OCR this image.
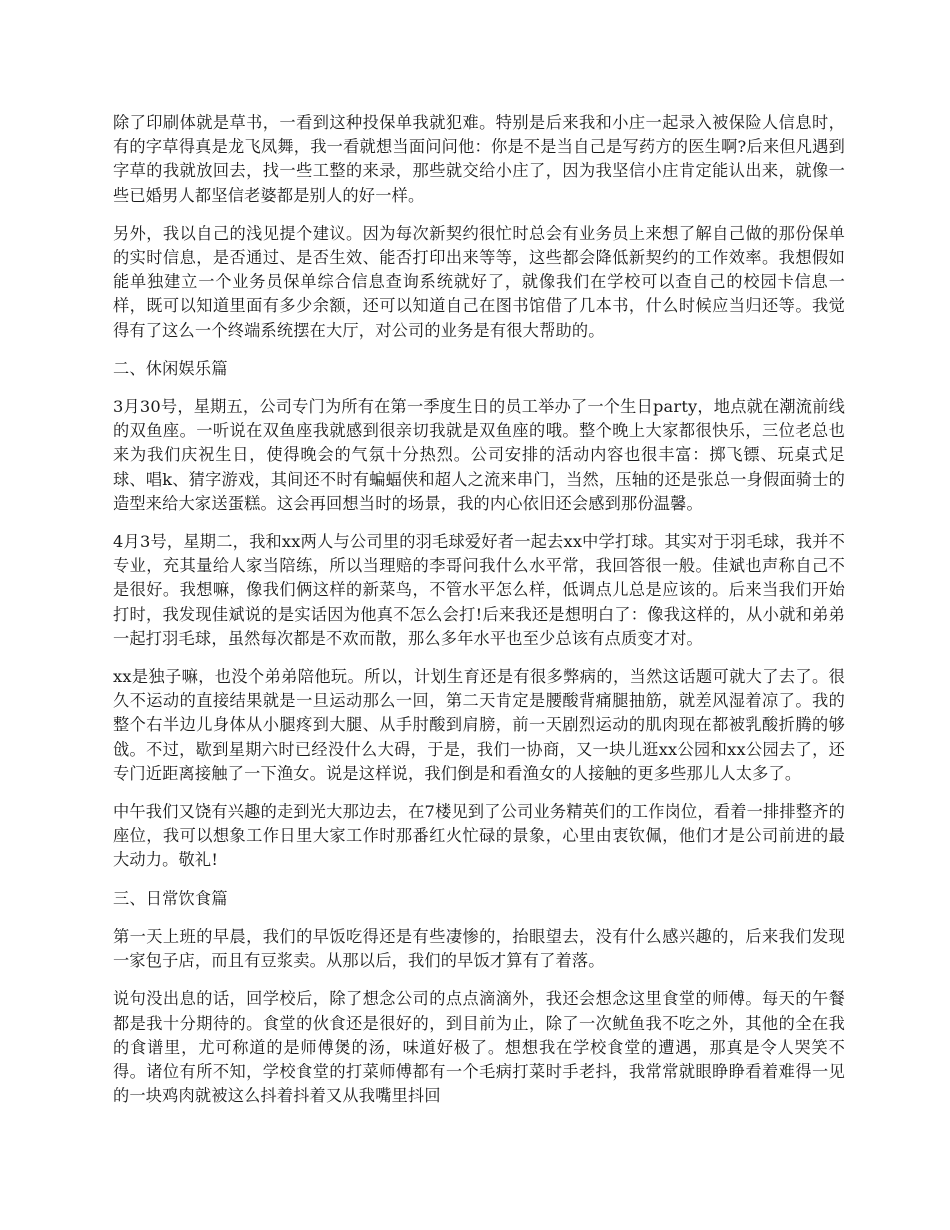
除了印刷体就是草书，一看到这种投保单我就犯难。特别是后来我和小庄一起录入被保险人信息时，有的字草得真是龙飞凤舞，我一看就想当面问问他：你是不是当自己是写药方的医生啊?后来但凡遇到字草的我就放回去，找一些工整的来录，那些就交给小庄了，因为我坚信小庄肯定能认出来，就像一些已婚男人都坚信老婆都是别人的好一样。

另外，我以自己的浅见提个建议。因为每次新契约很忙时总会有业务员上来想了解自己做的那份保单的实时信息，是否通过、是否生效、能否打印出来等等，这些都会降低新契约的工作效率。我想假如能单独建立一个业务员保单综合信息查询系统就好了，就像我们在学校可以查自己的校园卡信息一样，既可以知道里面有多少余额，还可以知道自己在图书馆借了几本书，什么时候应当归还等。我觉得有了这么一个终端系统摆在大厅，对公司的业务是有很大帮助的。

二、休闲娱乐篇

3月30号，星期五，公司专门为所有在第一季度生日的员工举办了一个生日party，地点就在潮流前线的双鱼座。一听说在双鱼座我就感到很亲切我就是双鱼座的哦。整个晚上大家都很快乐，三位老总也来为我们庆祝生日，使得晚会的气氛十分热烈。公司安排的活动内容也很丰富：掷飞镖、玩桌式足球、唱k、猜字游戏，其间还不时有蝙蝠侠和超人之流来串门，当然，压轴的还是张总一身假面骑士的造型来给大家送蛋糕。这会再回想当时的场景，我的内心依旧还会感到那份温馨。

4月3号，星期二，我和xx两人与公司里的羽毛球爱好者一起去xx中学打球。其实对于羽毛球，我并不专业，充其量给人家当陪练，所以当理赔的李哥问我什么水平常，我回答很一般。佳斌也声称自己不是很好。我想嘛，像我们俩这样的新菜鸟，不管水平怎么样，低调点儿总是应该的。后来当我们开始打时，我发现佳斌说的是实话因为他真不怎么会打!后来我还是想明白了：像我这样的，从小就和弟弟一起打羽毛球，虽然每次都是不欢而散，那么多年水平也至少总该有点质变才对。

xx是独子嘛，也没个弟弟陪他玩。所以，计划生育还是有很多弊病的，当然这话题可就大了去了。很久不运动的直接结果就是一旦运动那么一回，第二天肯定是腰酸背痛腿抽筋，就差风湿着凉了。我的整个右半边儿身体从小腿疼到大腿、从手肘酸到肩膀，前一天剧烈运动的肌肉现在都被乳酸折腾的够戗。不过，歇到星期六时已经没什么大碍，于是，我们一协商，又一块儿逛xx公园和xx公园去了，还专门近距离接触了一下渔女。说是这样说，我们倒是和看渔女的人接触的更多些那儿人太多了。

中午我们又饶有兴趣的走到光大那边去，在7楼见到了公司业务精英们的工作岗位，看着一排排整齐的座位，我可以想象工作日里大家工作时那番红火忙碌的景象，心里由衷钦佩，他们才是公司前进的最大动力。敬礼!

三、日常饮食篇

第一天上班的早晨，我们的早饭吃得还是有些凄惨的，抬眼望去，没有什么感兴趣的，后来我们发现一家包子店，而且有豆浆卖。从那以后，我们的早饭才算有了着落。

说句没出息的话，回学校后，除了想念公司的点点滴滴外，我还会想念这里食堂的师傅。每天的午餐都是我十分期待的。食堂的伙食还是很好的，到目前为止，除了一次鱿鱼我不吃之外，其他的全在我的食谱里，尤可称道的是师傅煲的汤，味道好极了。想想我在学校食堂的遭遇，那真是令人哭笑不得。诸位有所不知，学校食堂的打菜师傅都有一个毛病打菜时手老抖，我常常就眼睁睁看着难得一见的一块鸡肉就被这么抖着抖着又从我嘴里抖回
